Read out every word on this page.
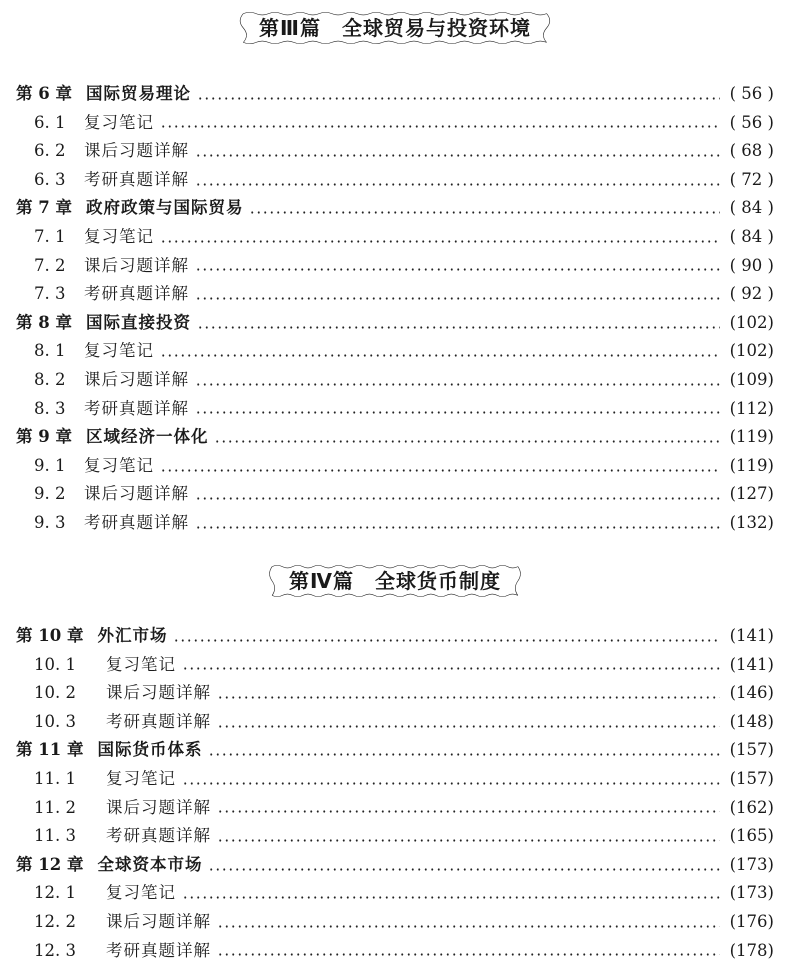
第Ⅲ篇　全球贸易与投资环境
第 6 章 国际贸易理论	( 56 )
6. 1	复习笔记	( 56 )
6. 2	课后习题详解	( 68 )
6. 3	考研真题详解	( 72 )
第 7 章 政府政策与国际贸易	( 84 )
7. 1	复习笔记	( 84 )
7. 2	课后习题详解	( 90 )
7. 3	考研真题详解	( 92 )
第 8 章 国际直接投资	(102)
8. 1	复习笔记	(102)
8. 2	课后习题详解	(109)
8. 3	考研真题详解	(112)
第 9 章 区域经济一体化	(119)
9. 1	复习笔记	(119)
9. 2	课后习题详解	(127)
9. 3	考研真题详解	(132)
第Ⅳ篇　全球货币制度
第 10 章 外汇市场	(141)
10. 1	复习笔记	(141)
10. 2	课后习题详解	(146)
10. 3	考研真题详解	(148)
第 11 章 国际货币体系	(157)
11. 1	复习笔记	(157)
11. 2	课后习题详解	(162)
11. 3	考研真题详解	(165)
第 12 章 全球资本市场	(173)
12. 1	复习笔记	(173)
12. 2	课后习题详解	(176)
12. 3	考研真题详解	(178)
